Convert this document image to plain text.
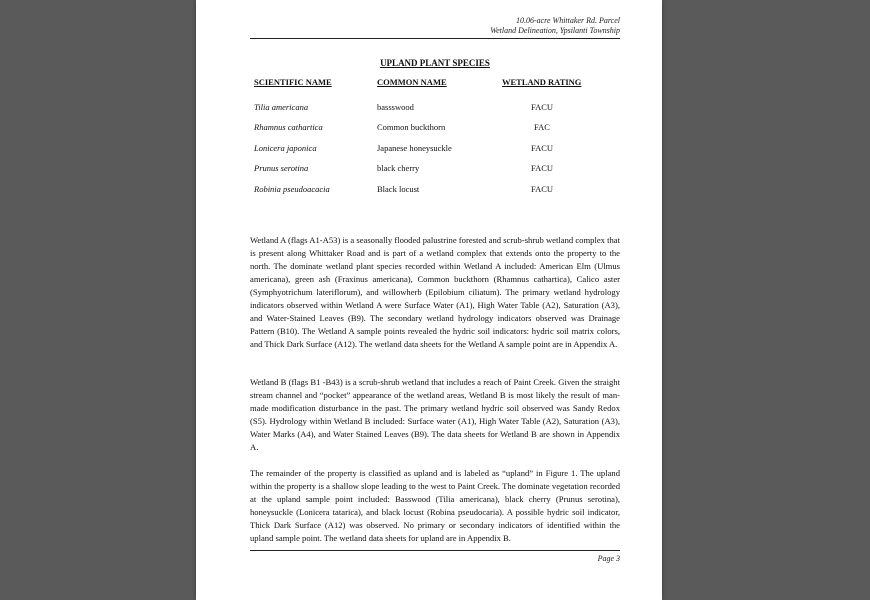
10.06-acre Whittaker Rd. Parcel
Wetland Delineation, Ypsilanti Township
UPLAND PLANT SPECIES
SCIENTIFIC NAME	COMMON NAME	WETLAND RATING
Tilia americana	bassswood	FACU
Rhamnus cathartica	Common buckthorn	FAC
Lonicera japonica	Japanese honeysuckle	FACU
Prunus serotina	black cherry	FACU
Robinia pseudoacacia	Black locust	FACU

Wetland A (flags A1-A53) is a seasonally flooded palustrine forested and scrub-shrub wetland complex that is present along Whittaker Road and is part of a wetland complex that extends onto the property to the north. The dominate wetland plant species recorded within Wetland A included: American Elm (Ulmus americana), green ash (Fraxinus americana), Common buckthorn (Rhamnus cathartica), Calico aster (Symphyotrichum lateriflorum), and willowherb (Epilobium ciliatum). The primary wetland hydrology indicators observed within Wetland A were Surface Water (A1), High Water Table (A2), Saturation (A3), and Water-Stained Leaves (B9). The secondary wetland hydrology indicators observed was Drainage Pattern (B10). The Wetland A sample points revealed the hydric soil indicators: hydric soil matrix colors, and Thick Dark Surface (A12). The wetland data sheets for the Wetland A sample point are in Appendix A.

Wetland B (flags B1 -B43) is a scrub-shrub wetland that includes a reach of Paint Creek. Given the straight stream channel and “pocket” appearance of the wetland areas, Wetland B is most likely the result of man-made modification disturbance in the past. The primary wetland hydric soil observed was Sandy Redox (S5). Hydrology within Wetland B included: Surface water (A1), High Water Table (A2), Saturation (A3), Water Marks (A4), and Water Stained Leaves (B9). The data sheets for Wetland B are shown in Appendix A.

The remainder of the property is classified as upland and is labeled as “upland” in Figure 1. The upland within the property is a shallow slope leading to the west to Paint Creek. The dominate vegetation recorded at the upland sample point included: Basswood (Tilia americana), black cherry (Prunus serotina), honeysuckle (Lonicera tatarica), and black locust (Robina pseudocaria). A possible hydric soil indicator, Thick Dark Surface (A12) was observed. No primary or secondary indicators of identified within the upland sample point. The wetland data sheets for upland are in Appendix B.

Page 3
